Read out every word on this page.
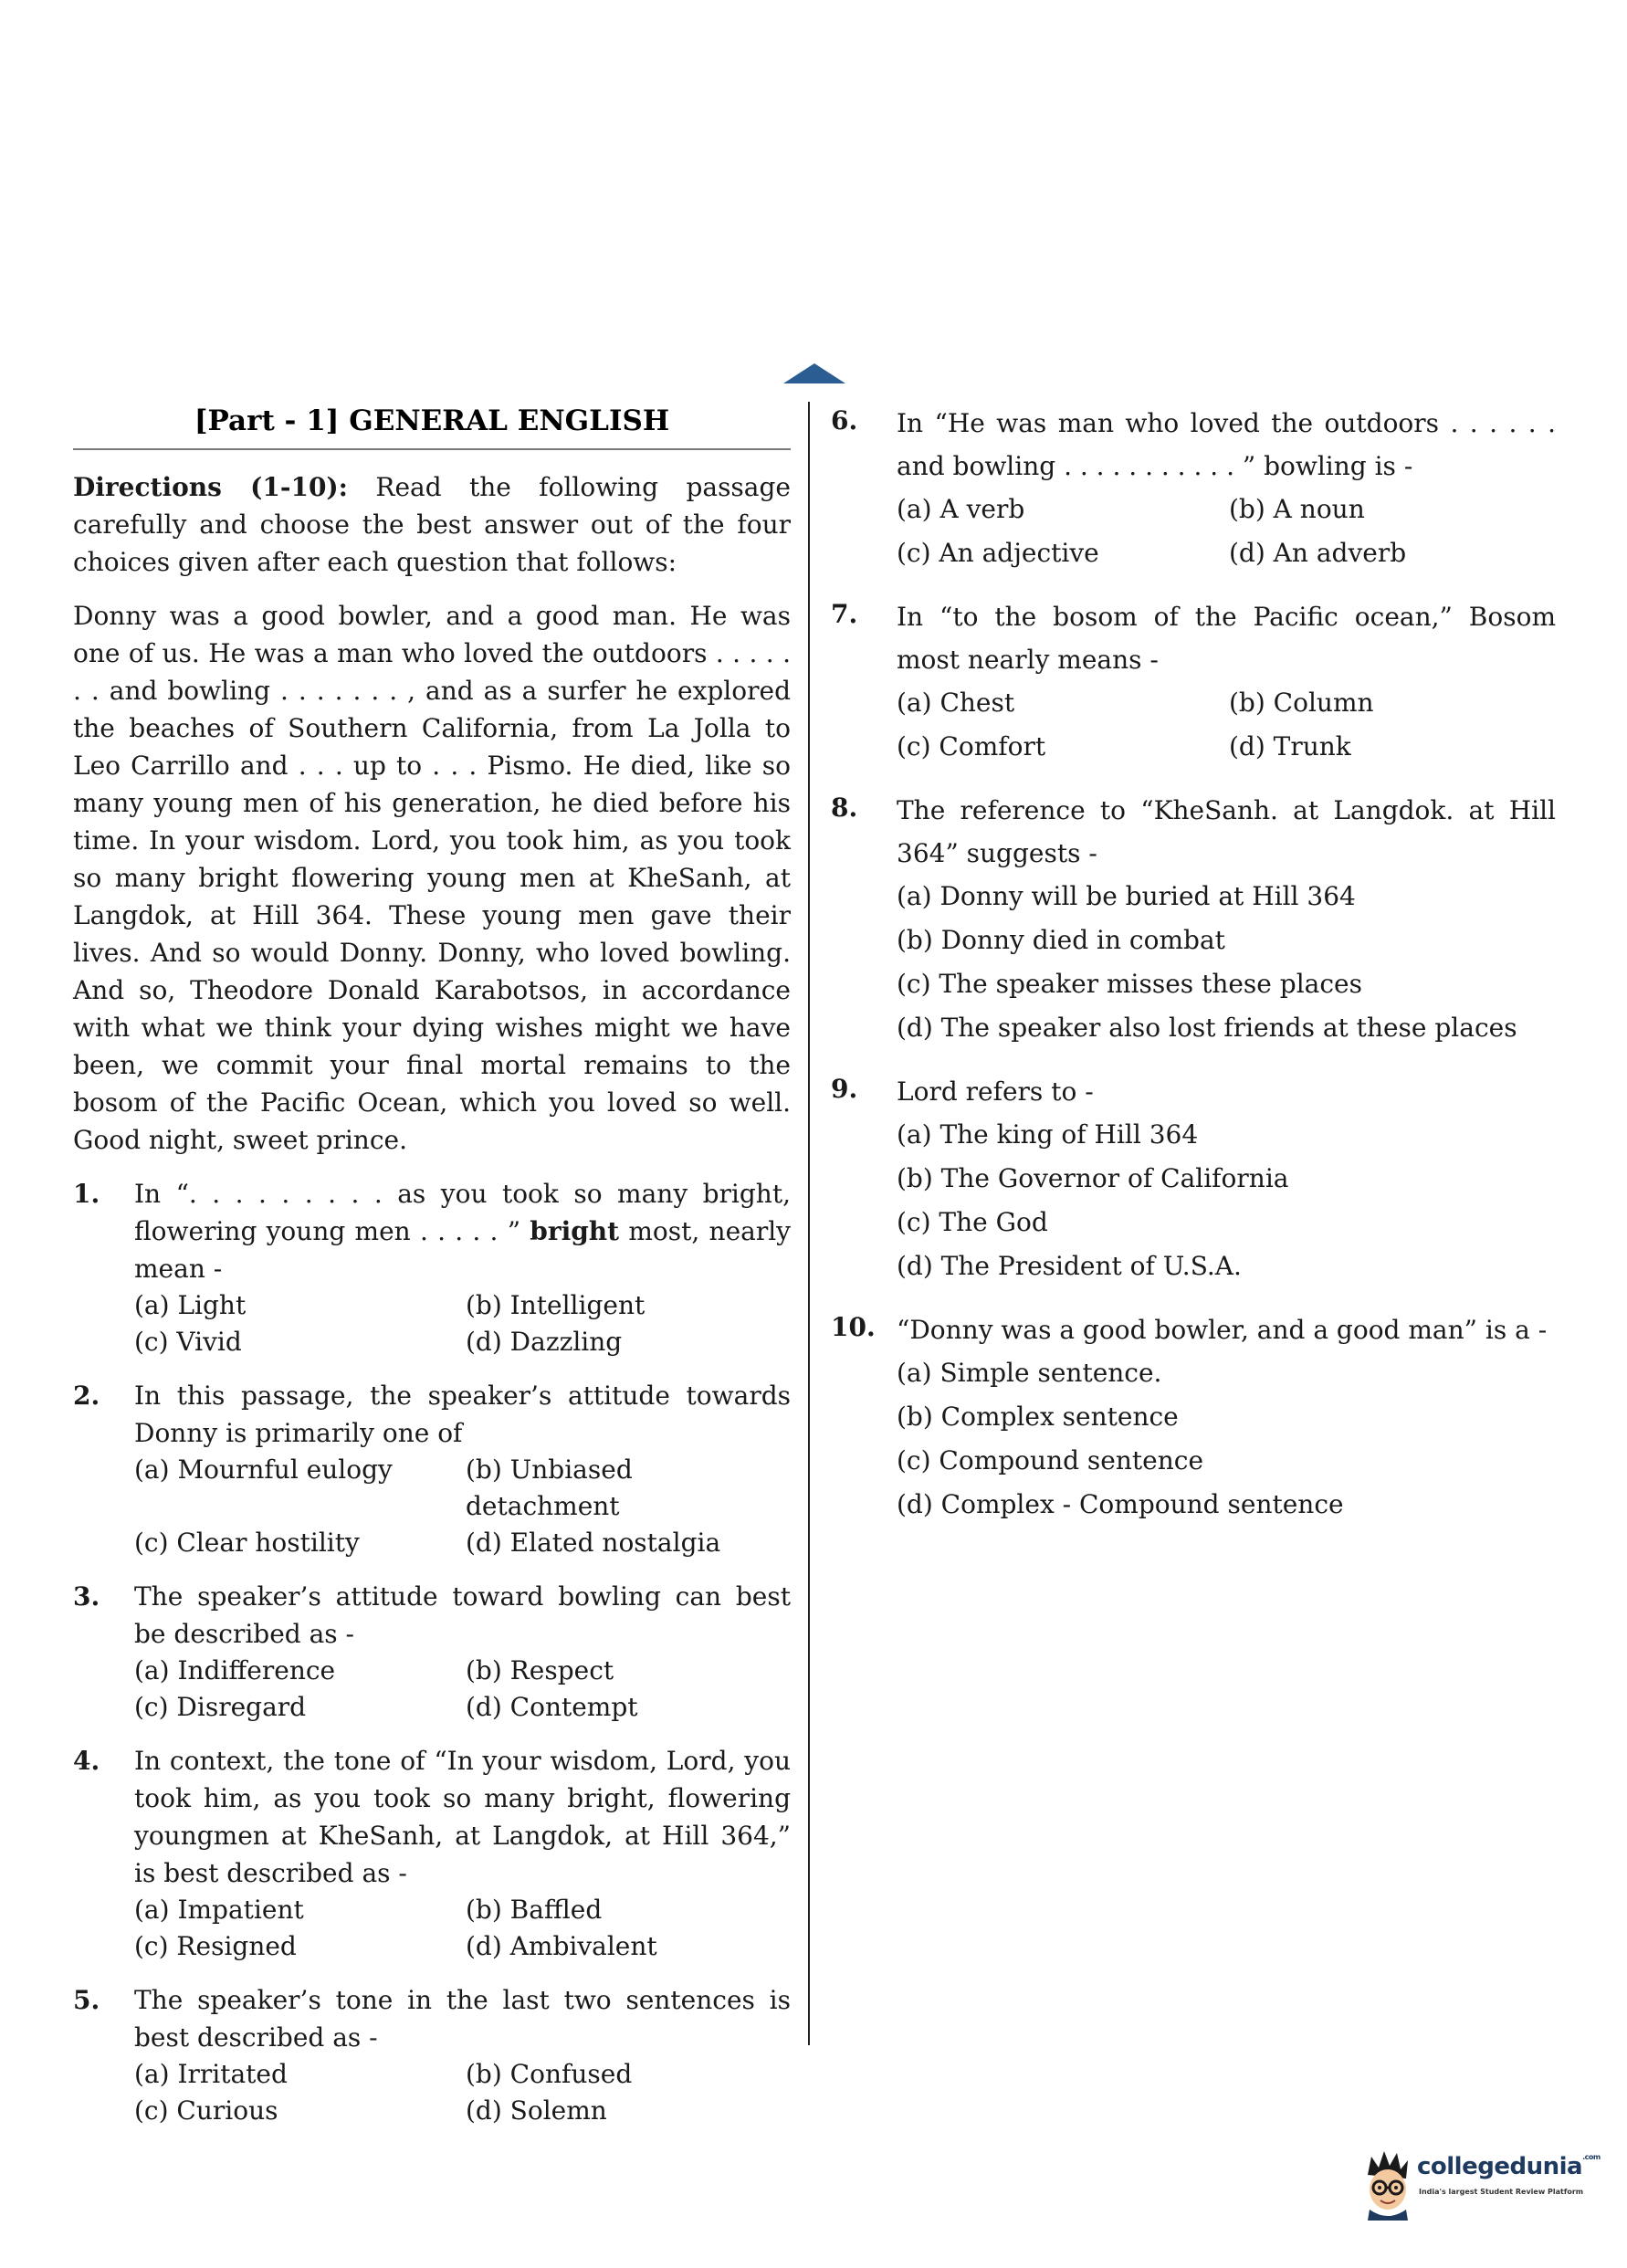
[Part - 1] GENERAL ENGLISH

Directions (1-10): Read the following passage carefully and choose the best answer out of the four choices given after each question that follows:

Donny was a good bowler, and a good man. He was one of us. He was a man who loved the outdoors . . . . . . . and bowling . . . . . . . , and as a surfer he explored the beaches of Southern California, from La Jolla to Leo Carrillo and . . . up to . . . Pismo. He died, like so many young men of his generation, he died before his time. In your wisdom. Lord, you took him, as you took so many bright flowering young men at KheSanh, at Langdok, at Hill 364. These young men gave their lives. And so would Donny. Donny, who loved bowling. And so, Theodore Donald Karabotsos, in accordance with what we think your dying wishes might we have been, we commit your final mortal remains to the bosom of the Pacific Ocean, which you loved so well. Good night, sweet prince.

1. In “. . . . . . . . . as you took so many bright, flowering young men . . . . . ” bright most, nearly mean -
(a) Light	(b) Intelligent
(c) Vivid	(d) Dazzling
2. In this passage, the speaker’s attitude towards Donny is primarily one of
(a) Mournful eulogy	(b) Unbiased detachment
(c) Clear hostility	(d) Elated nostalgia
3. The speaker’s attitude toward bowling can best be described as -
(a) Indifference	(b) Respect
(c) Disregard	(d) Contempt
4. In context, the tone of “In your wisdom, Lord, you took him, as you took so many bright, flowering youngmen at KheSanh, at Langdok, at Hill 364,” is best described as -
(a) Impatient	(b) Baffled
(c) Resigned	(d) Ambivalent
5. The speaker’s tone in the last two sentences is best described as -
(a) Irritated	(b) Confused
(c) Curious	(d) Solemn
6. In “He was man who loved the outdoors . . . . . . and bowling . . . . . . . . . . . ” bowling is -
(a) A verb	(b) A noun
(c) An adjective	(d) An adverb
7. In “to the bosom of the Pacific ocean,” Bosom most nearly means -
(a) Chest	(b) Column
(c) Comfort	(d) Trunk
8. The reference to “KheSanh. at Langdok. at Hill 364” suggests -
(a) Donny will be buried at Hill 364
(b) Donny died in combat
(c) The speaker misses these places
(d) The speaker also lost friends at these places
9. Lord refers to -
(a) The king of Hill 364
(b) The Governor of California
(c) The God
(d) The President of U.S.A.
10. “Donny was a good bowler, and a good man” is a -
(a) Simple sentence.
(b) Complex sentence
(c) Compound sentence
(d) Complex - Compound sentence
collegedunia$^{.com}$
India's largest Student Review Platform
